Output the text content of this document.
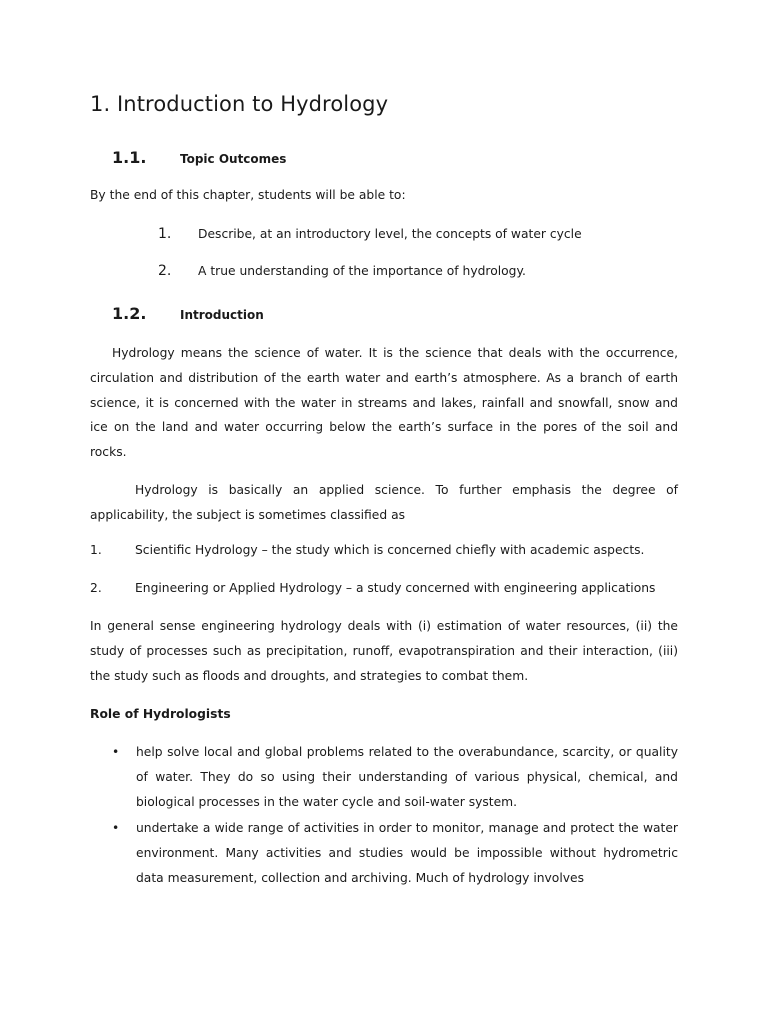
1. Introduction to Hydrology
1.1.	Topic Outcomes
By the end of this chapter, students will be able to:
1. Describe, at an introductory level, the concepts of water cycle
2. A true understanding of the importance of hydrology.
1.2.	Introduction

Hydrology means the science of water. It is the science that deals with the occurrence, circulation and distribution of the earth water and earth’s atmosphere. As a branch of earth science, it is concerned with the water in streams and lakes, rainfall and snowfall, snow and ice on the land and water occurring below the earth’s surface in the pores of the soil and rocks.

Hydrology is basically an applied science. To further emphasis the degree of applicability, the subject is sometimes classified as

1.	Scientific Hydrology – the study which is concerned chiefly with academic aspects.
2.	Engineering or Applied Hydrology – a study concerned with engineering applications

In general sense engineering hydrology deals with (i) estimation of water resources, (ii) the study of processes such as precipitation, runoff, evapotranspiration and their interaction, (iii) the study such as floods and droughts, and strategies to combat them.

Role of Hydrologists
• help solve local and global problems related to the overabundance, scarcity, or quality of water. They do so using their understanding of various physical, chemical, and biological processes in the water cycle and soil-water system.
• undertake a wide range of activities in order to monitor, manage and protect the water environment. Many activities and studies would be impossible without hydrometric data measurement, collection and archiving. Much of hydrology involves
